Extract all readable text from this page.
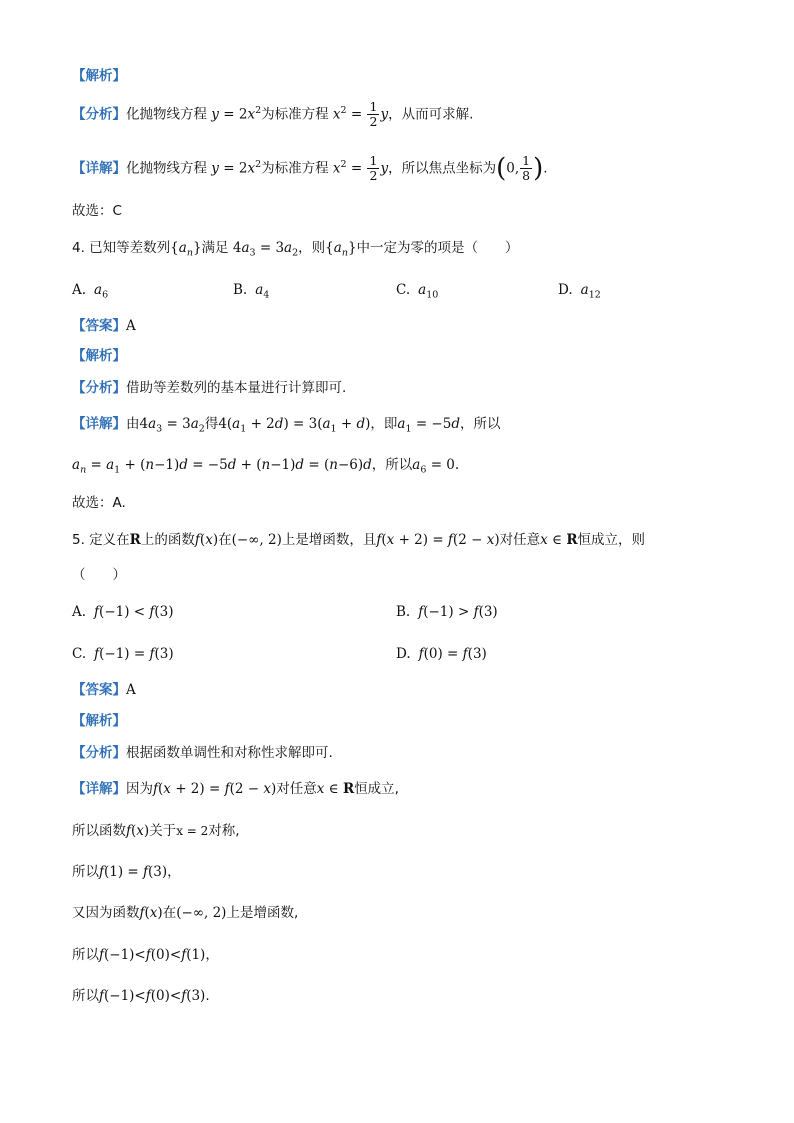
【解析】
【分析】化抛物线方程 $y = 2x^2$为标准方程 $x^2 = \frac{1}{2}$ y，从而可求解.
【详解】化抛物线方程 $y = 2x^2$为标准方程 $x^2 = \frac{1}{2}$ y，所以焦点坐标为(0, $\frac{1}{8}$ ).
故选：C
4. 已知等差数列$\{a_n\}$满足 $4a_3 = 3a_2$，则$\{a_n\}$中一定为零的项是（　　）
A. $a_6$	B. $a_4$	C. $a_{10}$	D. $a_{12}$
【答案】A
【解析】
【分析】借助等差数列的基本量进行计算即可.
【详解】由$4a_3 = 3a_2$得$4(a_1 + 2d) = 3(a_1 + d)$，即$a_1 = -5d$，所以
$a_n = a_1 + (n-1)d = -5d + (n-1)d = (n-6)d$，所以$a_6 = 0$.
故选：A.
5. 定义在R上的函数f(x)在(−∞, 2)上是增函数，且f(x + 2) = f(2 − x)对任意x ∈ R恒成立，则
（　　）
A. f(−1) < f(3)	B. f(−1) > f(3)
C. f(−1) = f(3)	D. f(0) = f(3)
【答案】A
【解析】
【分析】根据函数单调性和对称性求解即可.
【详解】因为f(x + 2) = f(2 − x)对任意x ∈ R恒成立,
所以函数f(x)关于x = 2对称,
所以f(1) = f(3)，
又因为函数f(x)在(−∞, 2)上是增函数,
所以f(−1)<f(0)<f(1)，
所以f(−1)<f(0)<f(3).
